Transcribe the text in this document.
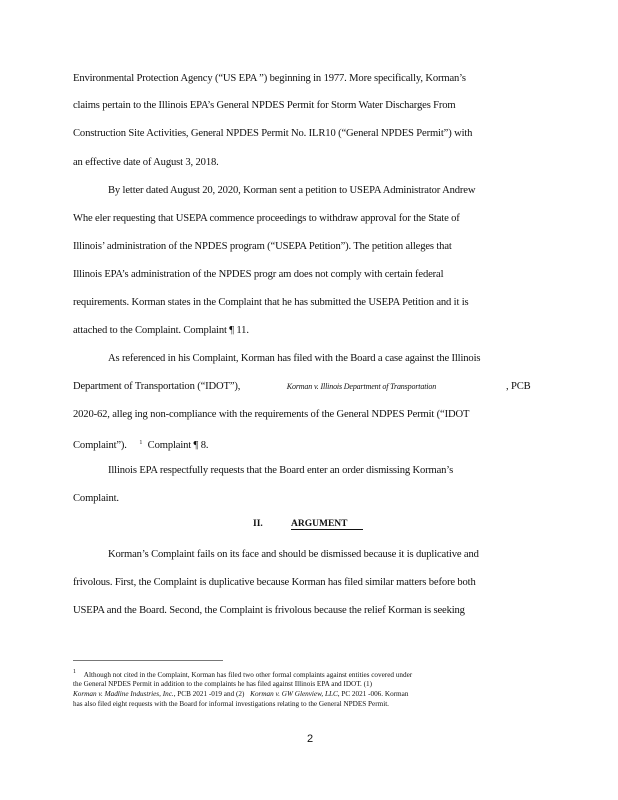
Environmental Protection Agency (“US EPA ”) beginning in 1977. More specifically, Korman’s
claims pertain to the Illinois EPA’s General NPDES Permit for Storm Water Discharges From
Construction Site Activities, General NPDES Permit No. ILR10 (“General NPDES Permit”) with
an effective date of August 3, 2018.
By letter dated August 20, 2020, Korman sent a petition to USEPA Administrator Andrew
Whe eler requesting that USEPA commence proceedings to withdraw approval for the State of
Illinois’ administration of the NPDES program (“USEPA Petition”). The petition alleges that
Illinois EPA’s administration of the NPDES progr am does not comply with certain federal
requirements. Korman states in the Complaint that he has submitted the USEPA Petition and it is
attached to the Complaint. Complaint ¶ 11.
As referenced in his Complaint, Korman has filed with the Board a case against the Illinois
Department of Transportation (“IDOT”),	Korman v. Illinois Department of Transportation	, PCB
2020-62, alleg ing non-compliance with the requirements of the General NDPES Permit (“IDOT
Complaint”). $^1$ Complaint ¶ 8.
Illinois EPA respectfully requests that the Board enter an order dismissing Korman’s
Complaint.
II.	ARGUMENT
Korman’s Complaint fails on its face and should be dismissed because it is duplicative and
frivolous. First, the Complaint is duplicative because Korman has filed similar matters before both
USEPA and the Board. Second, the Complaint is frivolous because the relief Korman is seeking
$^1$ Although not cited in the Complaint, Korman has filed two other formal complaints against entities covered under
the General NPDES Permit in addition to the complaints he has filed against Illinois EPA and IDOT. (1)
Korman v. Madline Industries, Inc., PCB 2021 -019 and (2) Korman v. GW Glenview, LLC, PC 2021 -006. Korman
has also filed eight requests with the Board for informal investigations relating to the General NPDES Permit.
2
